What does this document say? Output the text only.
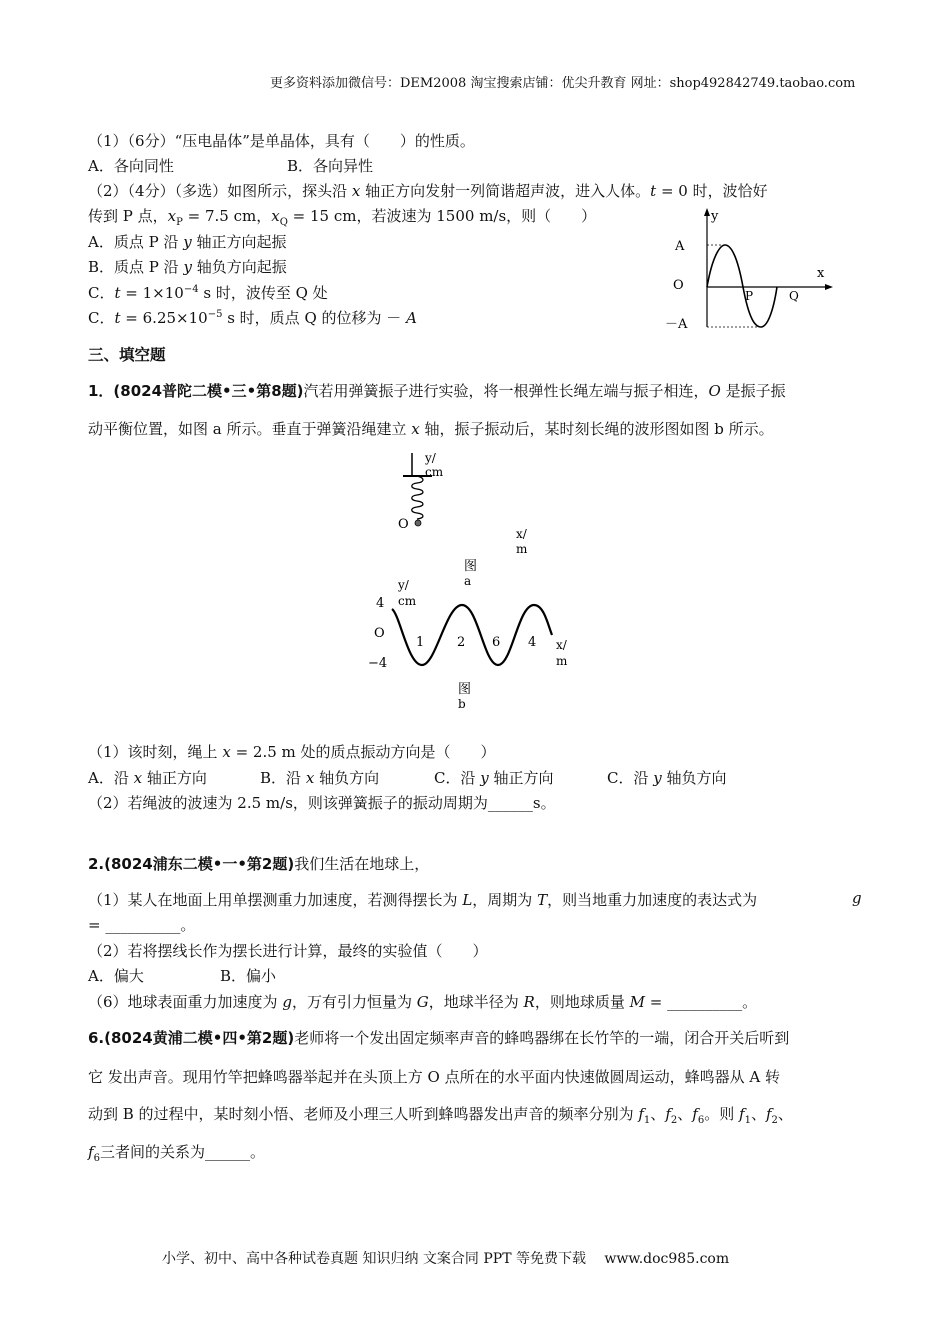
更多资料添加微信号：DEM2008 淘宝搜索店铺：优尖升教育 网址：shop492842749.taobao.com
（1）（6分）“压电晶体”是单晶体，具有（　　）的性质。
A．各向同性	B．各向异性
（2）（4分）（多选）如图所示，探头沿 x 轴正方向发射一列简谐超声波，进入人体。t = 0 时，波恰好
传到 P 点，$x_P = 7.5$ cm，$x_Q = 15$ cm，若波速为 1500 m/s，则（　　）
A．质点 P 沿 y 轴正方向起振
B．质点 P 沿 y 轴负方向起振
C．$t = 1\times 10^{-4}$ s 时，波传至 Q 处
C．$t = 6.25\times 10^{-5}$ s 时，质点 Q 的位移为 － A
y
x
A
O
－A
P	Q
三、填空题
1．(8024普陀二模•三•第8题)汽若用弹簧振子进行实验，将一根弹性长绳左端与振子相连，O 是振子振
动平衡位置，如图 a 所示。垂直于弹簧沿绳建立 x 轴，振子振动后，某时刻长绳的波形图如图 b 所示。
y/
cm
O
x/
m
图
a
y/
cm
4
O
−4
1	2 6 4 x/
m
图
b
（1）该时刻，绳上 x = 2.5 m 处的质点振动方向是（　　）
A．沿 x 轴正方向	B．沿 x 轴负方向	C．沿 y 轴正方向	C．沿 y 轴负方向
（2）若绳波的波速为 2.5 m/s，则该弹簧振子的振动周期为______s。
2.(8024浦东二模•一•第2题)我们生活在地球上，
（1）某人在地面上用单摆测重力加速度，若测得摆长为 L，周期为 T，则当地重力加速度的表达式为	g
= __________。
（2）若将摆线长作为摆长进行计算，最终的实验值（　　）
A．偏大	B．偏小
（6）地球表面重力加速度为 g，万有引力恒量为 G，地球半径为 R，则地球质量 M = __________。
6.(8024黄浦二模•四•第2题)老师将一个发出固定频率声音的蜂鸣器绑在长竹竿的一端，闭合开关后听到
它 发出声音。现用竹竿把蜂鸣器举起并在头顶上方 O 点所在的水平面内快速做圆周运动，蜂鸣器从 A 转
动到 B 的过程中，某时刻小悟、老师及小理三人听到蜂鸣器发出声音的频率分别为 $f_1$、$f_2$、$f_6$。则 $f_1$、$f_2$、
$f_6$三者间的关系为______。
小学、初中、高中各种试卷真题 知识归纳 文案合同 PPT 等免费下载　 www.doc985.com
